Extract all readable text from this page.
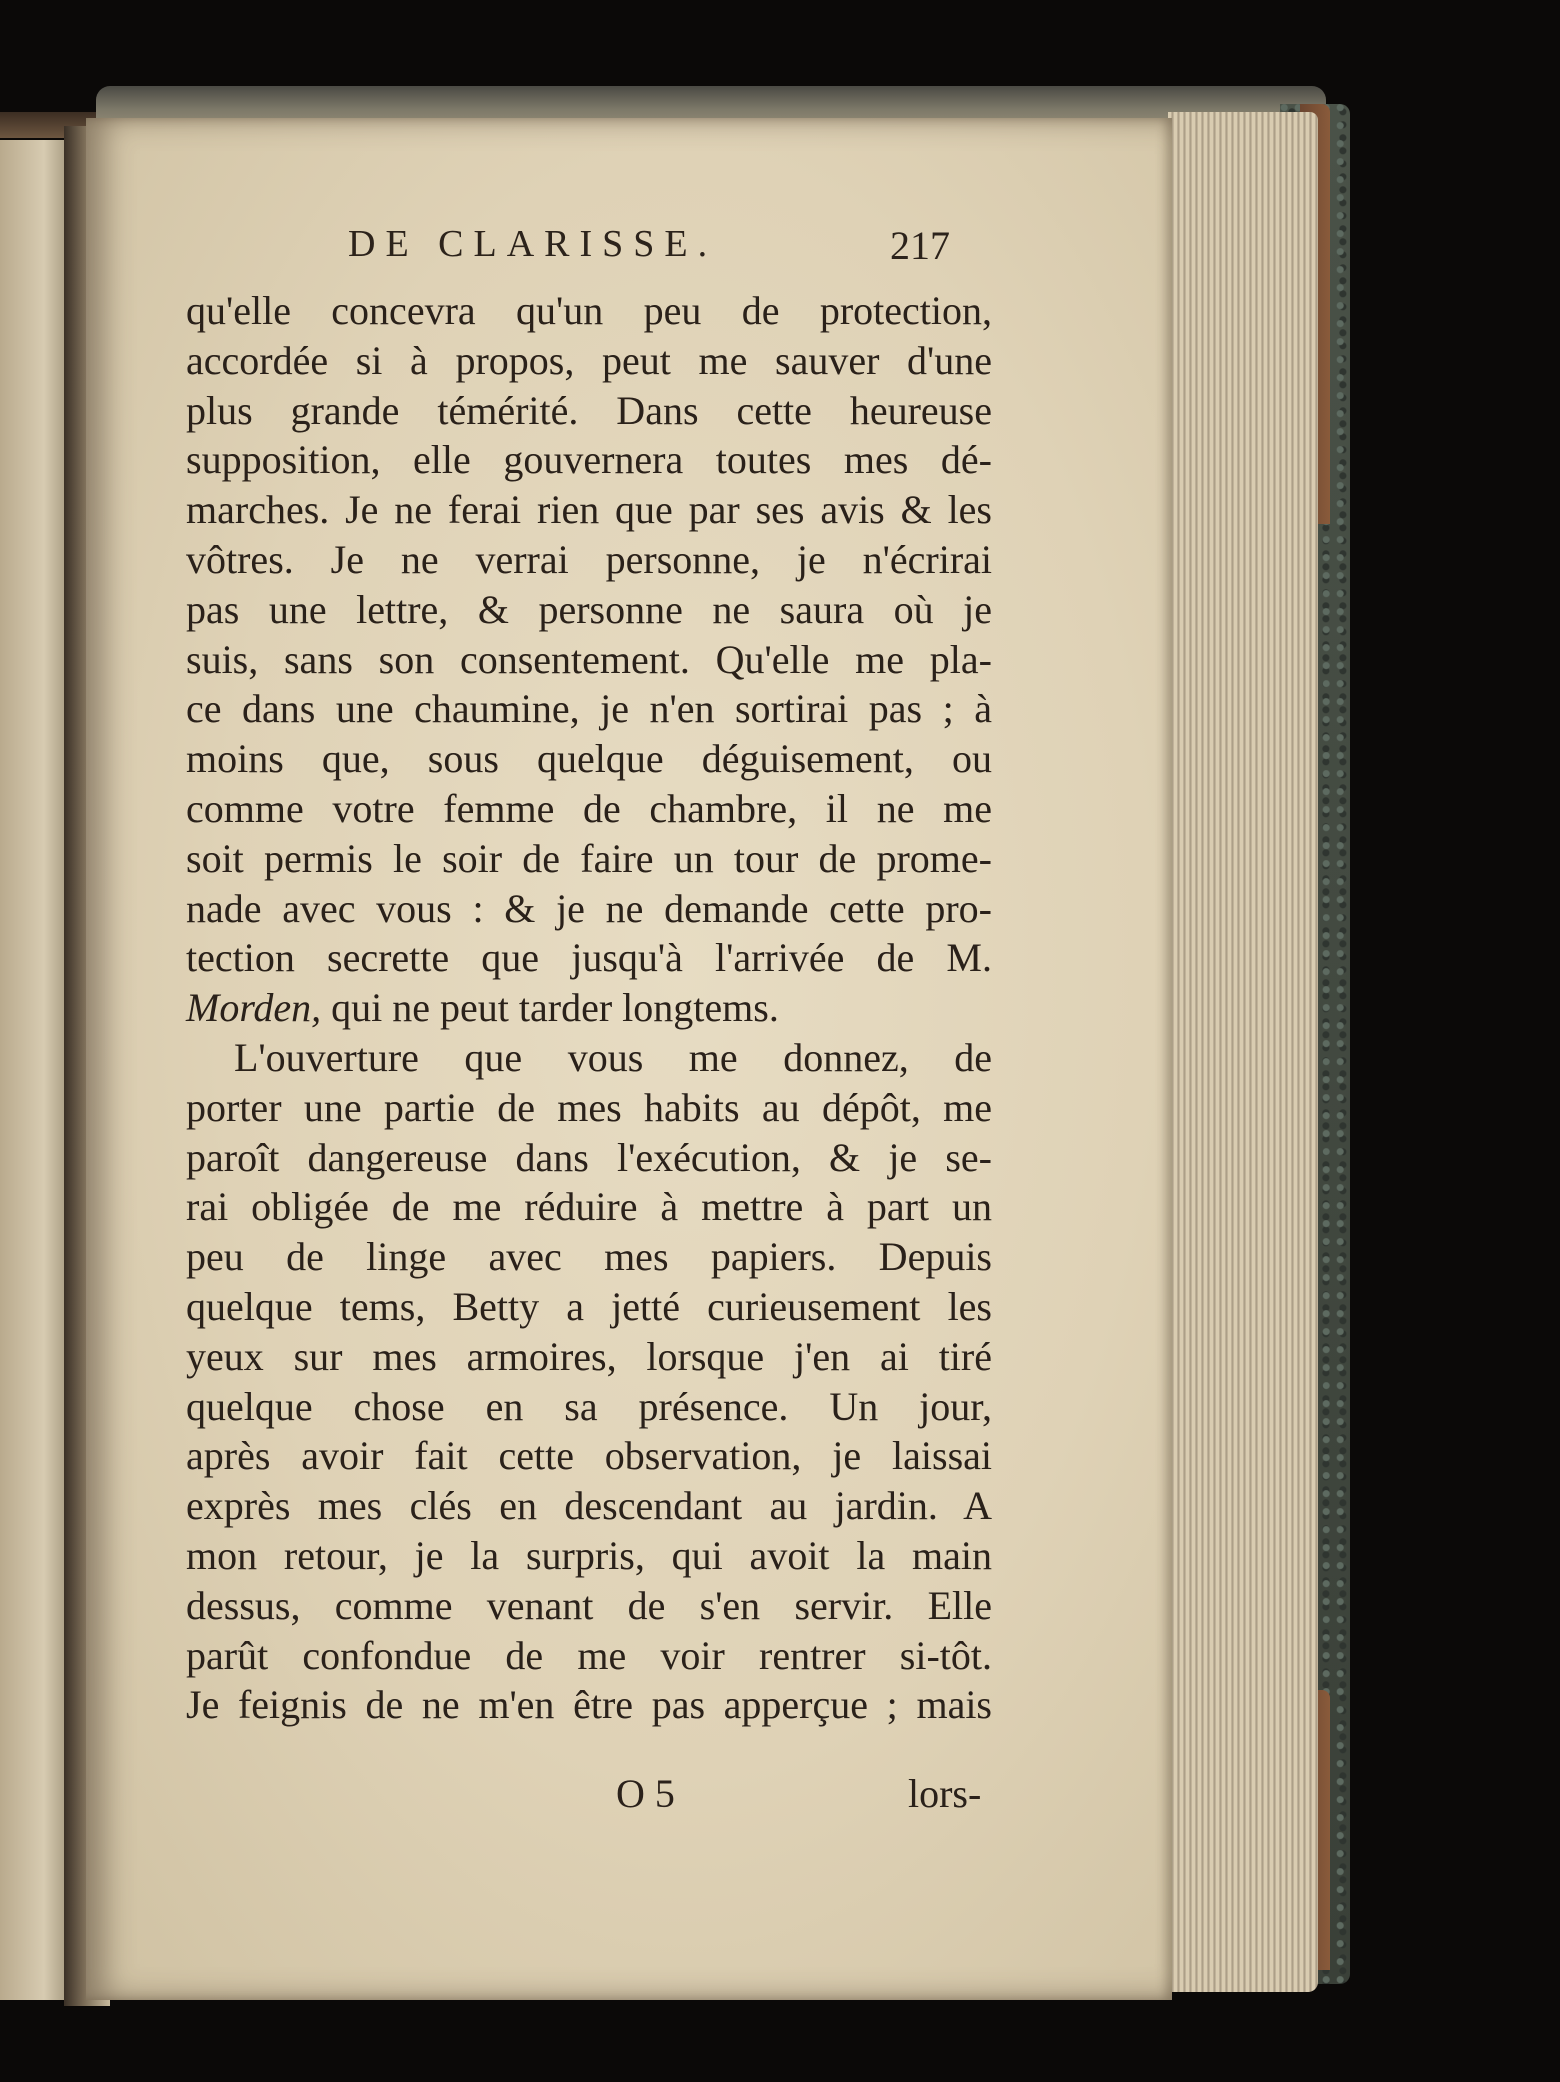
DE CLARISSE.	217
qu'elle concevra qu'un peu de protection,
accordée si à propos, peut me sauver d'une
plus grande témérité. Dans cette heureuse
supposition, elle gouvernera toutes mes dé-
marches. Je ne ferai rien que par ses avis & les
vôtres. Je ne verrai personne, je n'écrirai
pas une lettre, & personne ne saura où je
suis, sans son consentement. Qu'elle me pla-
ce dans une chaumine, je n'en sortirai pas ; à
moins que, sous quelque déguisement, ou
comme votre femme de chambre, il ne me
soit permis le soir de faire un tour de prome-
nade avec vous : & je ne demande cette pro-
tection secrette que jusqu'à l'arrivée de M.
Morden, qui ne peut tarder longtems.
L'ouverture que vous me donnez, de
porter une partie de mes habits au dépôt, me
paroît dangereuse dans l'exécution, & je se-
rai obligée de me réduire à mettre à part un
peu de linge avec mes papiers. Depuis
quelque tems, Betty a jetté curieusement les
yeux sur mes armoires, lorsque j'en ai tiré
quelque chose en sa présence. Un jour,
après avoir fait cette observation, je laissai
exprès mes clés en descendant au jardin. A
mon retour, je la surpris, qui avoit la main
dessus, comme venant de s'en servir. Elle
parût confondue de me voir rentrer si-tôt.
Je feignis de ne m'en être pas apperçue ; mais
O 5	lors-
